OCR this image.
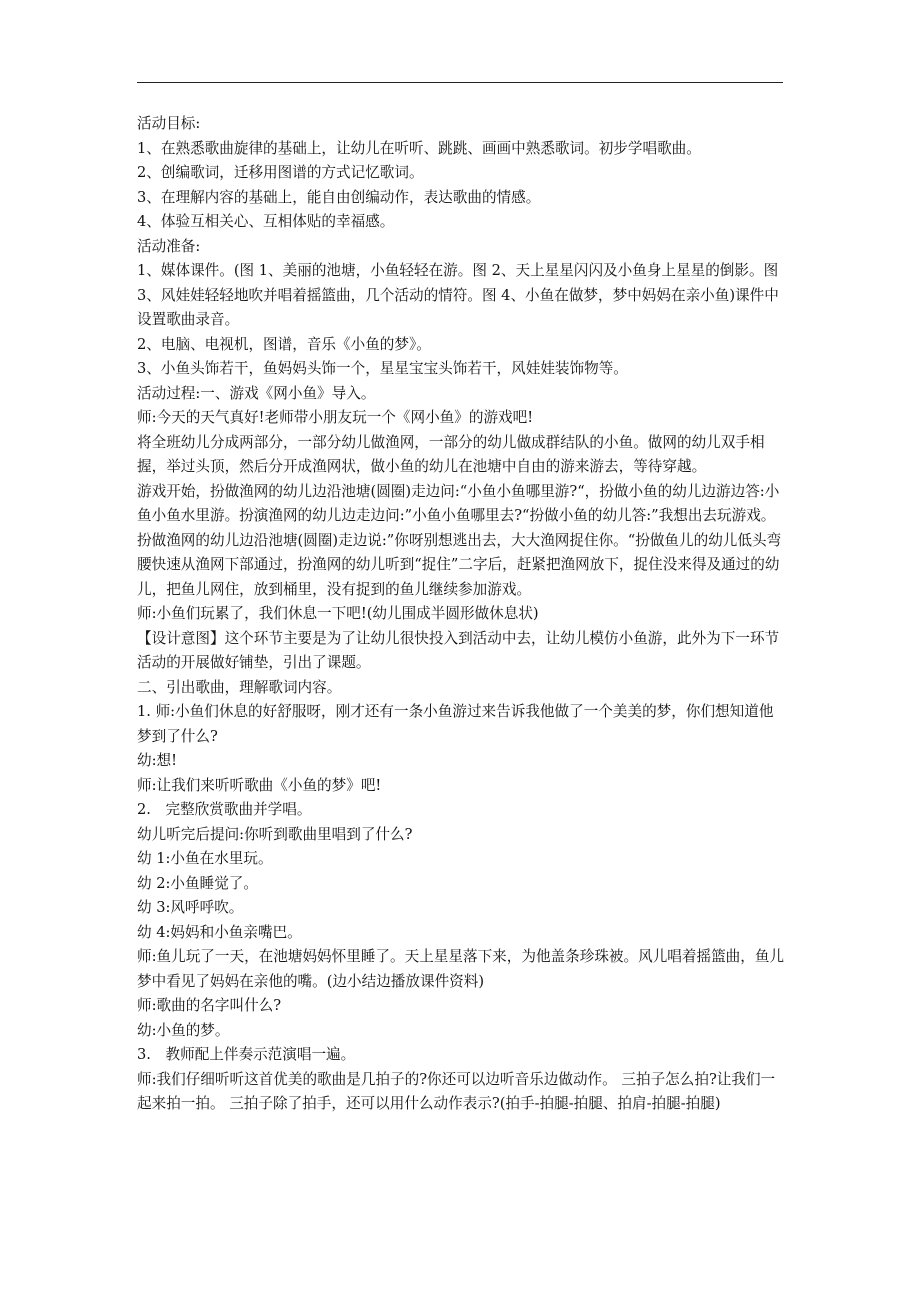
活动目标:
1、在熟悉歌曲旋律的基础上，让幼儿在听听、跳跳、画画中熟悉歌词。初步学唱歌曲。
2、创编歌词，迁移用图谱的方式记忆歌词。
3、在理解内容的基础上，能自由创编动作，表达歌曲的情感。
4、体验互相关心、互相体贴的幸福感。
活动准备:
1、媒体课件。(图 1、美丽的池塘，小鱼轻轻在游。图 2、天上星星闪闪及小鱼身上星星的倒影。图 3、风娃娃轻轻地吹并唱着摇篮曲，几个活动的情符。图 4、小鱼在做梦，梦中妈妈在亲小鱼)课件中设置歌曲录音。
2、电脑、电视机，图谱，音乐《小鱼的梦》。
3、小鱼头饰若干，鱼妈妈头饰一个，星星宝宝头饰若干，风娃娃装饰物等。
活动过程:一、游戏《网小鱼》导入。
师:今天的天气真好!老师带小朋友玩一个《网小鱼》的游戏吧!
将全班幼儿分成两部分，一部分幼儿做渔网，一部分的幼儿做成群结队的小鱼。做网的幼儿双手相握，举过头顶，然后分开成渔网状，做小鱼的幼儿在池塘中自由的游来游去，等待穿越。
游戏开始，扮做渔网的幼儿边沿池塘(圆圈)走边问:“小鱼小鱼哪里游?“，扮做小鱼的幼儿边游边答:小鱼小鱼水里游。扮演渔网的幼儿边走边问:”小鱼小鱼哪里去?“扮做小鱼的幼儿答:”我想出去玩游戏。扮做渔网的幼儿边沿池塘(圆圈)走边说:”你呀别想逃出去，大大渔网捉住你。“扮做鱼儿的幼儿低头弯腰快速从渔网下部通过，扮渔网的幼儿听到“捉住”二字后，赶紧把渔网放下，捉住没来得及通过的幼儿，把鱼儿网住，放到桶里，没有捉到的鱼儿继续参加游戏。
师:小鱼们玩累了，我们休息一下吧!(幼儿围成半圆形做休息状)
【设计意图】这个环节主要是为了让幼儿很快投入到活动中去，让幼儿模仿小鱼游，此外为下一环节活动的开展做好铺垫，引出了课题。
二、引出歌曲，理解歌词内容。
1. 师:小鱼们休息的好舒服呀，刚才还有一条小鱼游过来告诉我他做了一个美美的梦，你们想知道他梦到了什么?
幼:想!
师:让我们来听听歌曲《小鱼的梦》吧!
2.　完整欣赏歌曲并学唱。
幼儿听完后提问:你听到歌曲里唱到了什么?
幼 1:小鱼在水里玩。
幼 2:小鱼睡觉了。
幼 3:风呼呼吹。
幼 4:妈妈和小鱼亲嘴巴。
师:鱼儿玩了一天，在池塘妈妈怀里睡了。天上星星落下来，为他盖条珍珠被。风儿唱着摇篮曲，鱼儿梦中看见了妈妈在亲他的嘴。(边小结边播放课件资料)
师:歌曲的名字叫什么?
幼:小鱼的梦。
3.　教师配上伴奏示范演唱一遍。
师:我们仔细听听这首优美的歌曲是几拍子的?你还可以边听音乐边做动作。 三拍子怎么拍?让我们一起来拍一拍。 三拍子除了拍手，还可以用什么动作表示?(拍手-拍腿-拍腿、拍肩-拍腿-拍腿)
